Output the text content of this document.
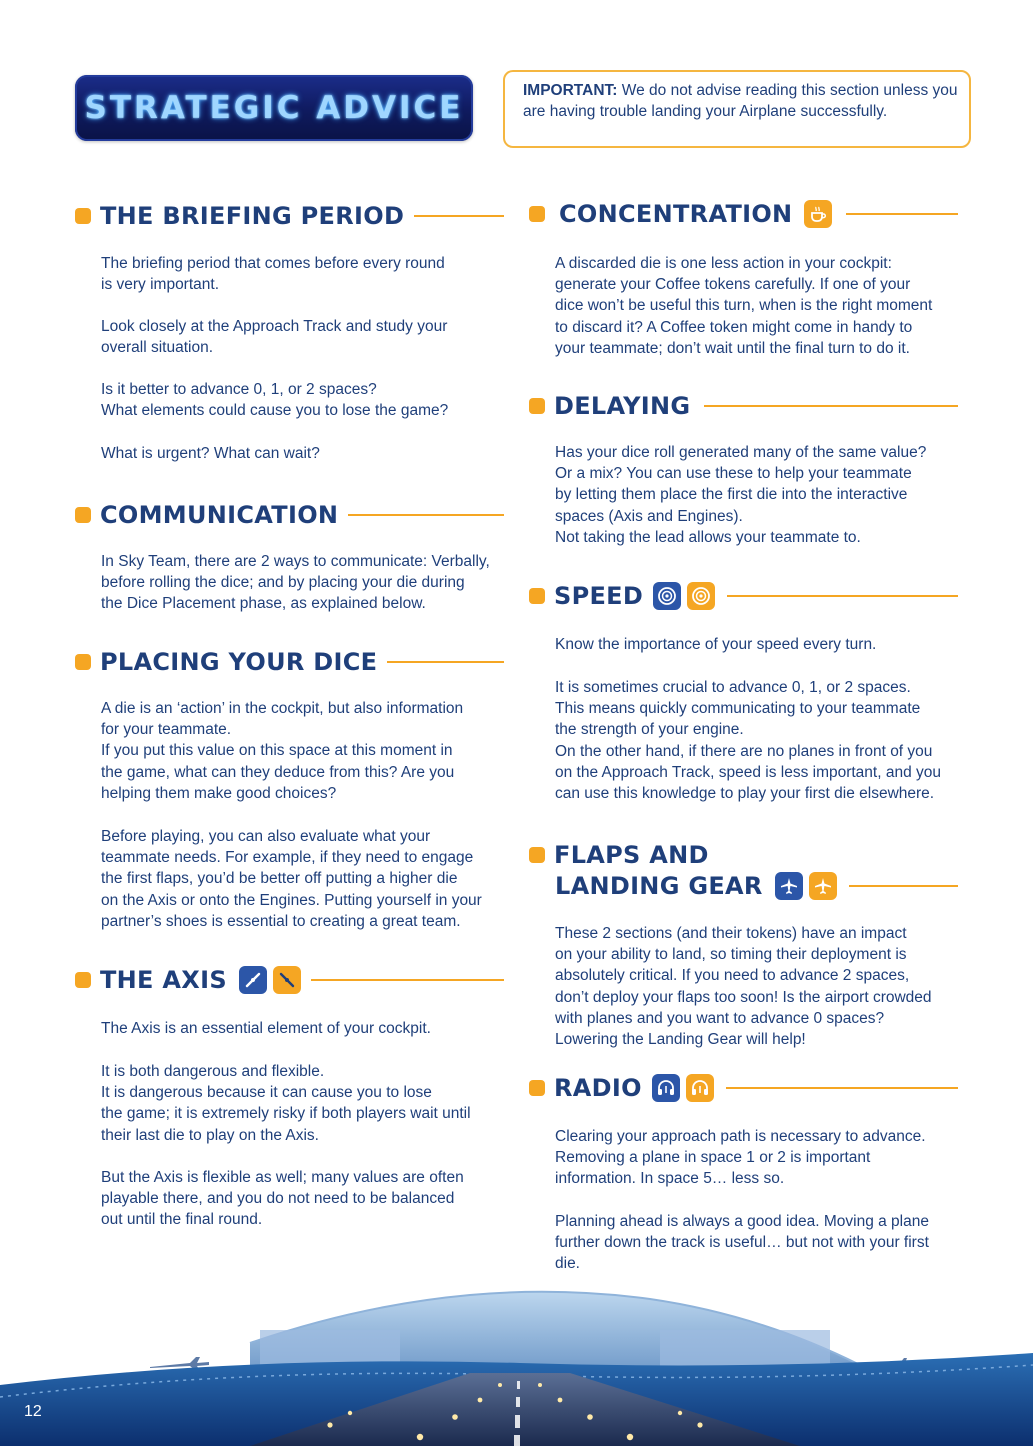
STRATEGIC ADVICE	IMPORTANT: We do not advise reading this section unless you are having trouble landing your Airplane successfully.
THE BRIEFING PERIOD
The briefing period that comes before every round
is very important.
Look closely at the Approach Track and study your
overall situation.
Is it better to advance 0, 1, or 2 spaces?
What elements could cause you to lose the game?
What is urgent? What can wait?
COMMUNICATION
In Sky Team, there are 2 ways to communicate: Verbally,
before rolling the dice; and by placing your die during
the Dice Placement phase, as explained below.
PLACING YOUR DICE
A die is an ‘action’ in the cockpit, but also information
for your teammate.
If you put this value on this space at this moment in
the game, what can they deduce from this? Are you
helping them make good choices?
Before playing, you can also evaluate what your
teammate needs. For example, if they need to engage
the first flaps, you’d be better off putting a higher die
on the Axis or onto the Engines. Putting yourself in your
partner’s shoes is essential to creating a great team.
THE AXIS
The Axis is an essential element of your cockpit.
It is both dangerous and flexible.
It is dangerous because it can cause you to lose
the game; it is extremely risky if both players wait until
their last die to play on the Axis.
But the Axis is flexible as well; many values are often
playable there, and you do not need to be balanced
out until the final round.
CONCENTRATION
A discarded die is one less action in your cockpit:
generate your Coffee tokens carefully. If one of your
dice won’t be useful this turn, when is the right moment
to discard it? A Coffee token might come in handy to
your teammate; don’t wait until the final turn to do it.
DELAYING
Has your dice roll generated many of the same value?
Or a mix? You can use these to help your teammate
by letting them place the first die into the interactive
spaces (Axis and Engines).
Not taking the lead allows your teammate to.
SPEED
Know the importance of your speed every turn.
It is sometimes crucial to advance 0, 1, or 2 spaces.
This means quickly communicating to your teammate
the strength of your engine.
On the other hand, if there are no planes in front of you
on the Approach Track, speed is less important, and you
can use this knowledge to play your first die elsewhere.
FLAPS AND
LANDING GEAR
These 2 sections (and their tokens) have an impact
on your ability to land, so timing their deployment is
absolutely critical. If you need to advance 2 spaces,
don’t deploy your flaps too soon! Is the airport crowded
with planes and you want to advance 0 spaces?
Lowering the Landing Gear will help!
RADIO
Clearing your approach path is necessary to advance.
Removing a plane in space 1 or 2 is important
information. In space 5… less so.
Planning ahead is always a good idea. Moving a plane
further down the track is useful… but not with your first
die.
12
